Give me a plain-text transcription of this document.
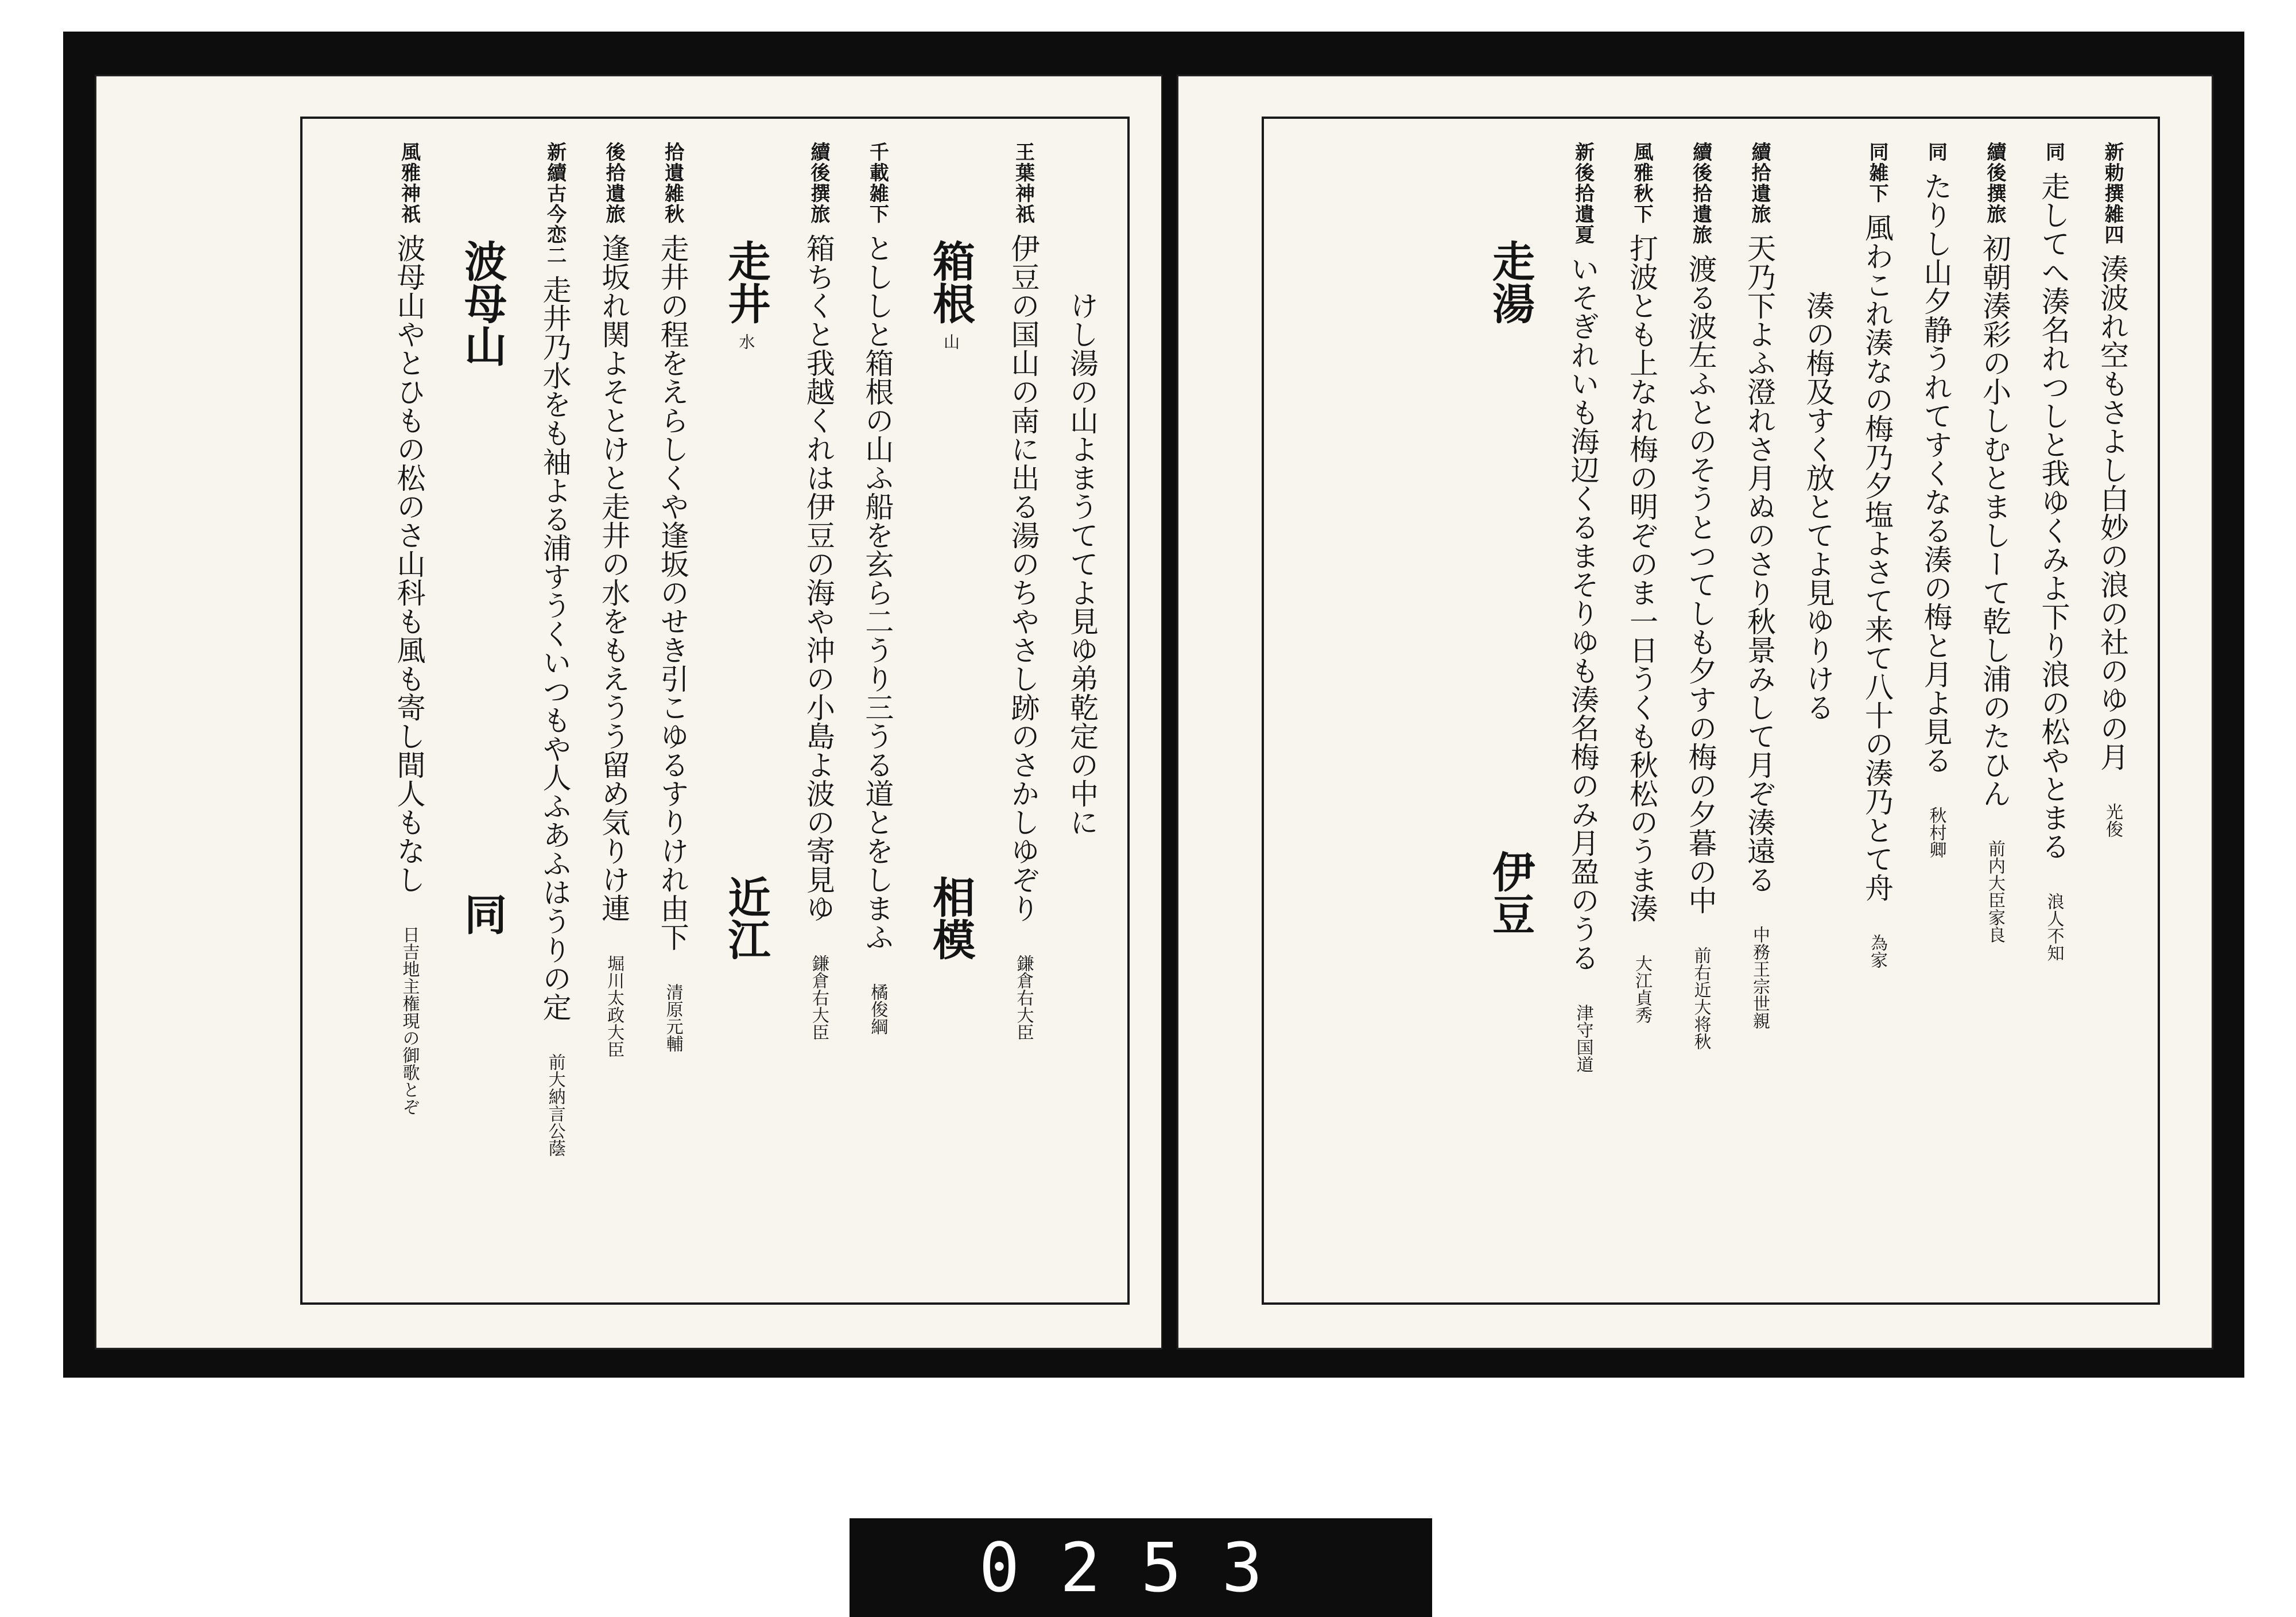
けし湯の山よまうててよ見ゆ弟乾定の中に
王葉神祇 伊豆の国山の南に出る湯のちやさし跡のさかしゆぞり 鎌倉右大臣
箱根 山 相模
千載雑下 とししと箱根の山ふ船を玄ら二うり三うる道とをしまふ 橘俊綱
續後撰旅 箱ちくと我越くれは伊豆の海や沖の小島よ波の寄見ゆ 鎌倉右大臣
走井 水 近江
拾遺雑秋 走井の程をえらしくや逢坂のせき引こゆるすりけれ由下 清原元輔
後拾遺旅 逢坂れ関よそとけと走井の水をもえうう留め気りけ連 堀川太政大臣
新續古今恋二 走井乃水をも袖よる浦すうくいつもや人ふあふはうりの定 前大納言公蔭
波母山 同
風雅神祇 波母山やとひもの松のさ山科も風も寄し間人もなし 日吉地主権現の御歌とぞ
新勅撰雑四 湊波れ空もさよし白妙の浪の社のゆの月 光俊
同 走してへ湊名れつしと我ゆくみよ下り浪の松やとまる 浪人不知
續後撰旅 初朝湊彩の小しむとましーて乾し浦のたひん 前内大臣家良
同 たりし山夕静うれてすくなる湊の梅と月よ見る 秋村卿
同雑下 風わこれ湊なの梅乃夕塩よさて来て八十の湊乃とて舟 為家
湊の梅及すく放とてよ見ゆりける
續拾遺旅 天乃下よふ澄れさ月ぬのさり秋景みして月ぞ湊遠る 中務王宗世親
續後拾遺旅 渡る波左ふとのそうとつてしも夕すの梅の夕暮の中 前右近大将秋
風雅秋下 打波とも上なれ梅の明ぞのま一日うくも秋松のうま湊 大江貞秀
新後拾遺夏 いそぎれいも海辺くるまそりゆも湊名梅のみ月盈のうる 津守国道
走湯 伊豆
0253
